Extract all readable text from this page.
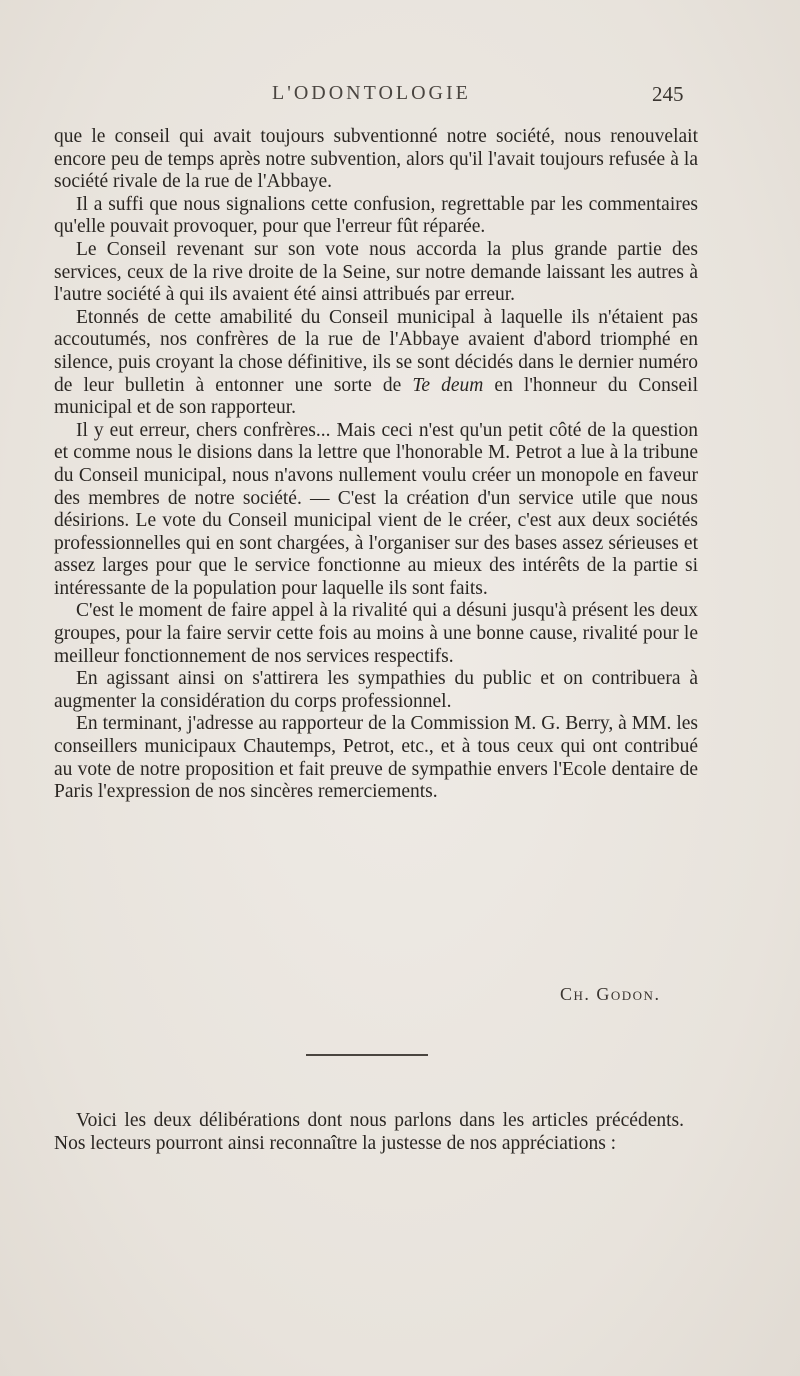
L'ODONTOLOGIE	245

que le conseil qui avait toujours subventionné notre société, nous renouvelait encore peu de temps après notre subvention, alors qu'il l'avait toujours refusée à la société rivale de la rue de l'Abbaye.

Il a suffi que nous signalions cette confusion, regrettable par les commentaires qu'elle pouvait provoquer, pour que l'erreur fût réparée.

Le Conseil revenant sur son vote nous accorda la plus grande partie des services, ceux de la rive droite de la Seine, sur notre demande laissant les autres à l'autre société à qui ils avaient été ainsi attribués par erreur.

Etonnés de cette amabilité du Conseil municipal à laquelle ils n'étaient pas accoutumés, nos confrères de la rue de l'Abbaye avaient d'abord triomphé en silence, puis croyant la chose définitive, ils se sont décidés dans le dernier numéro de leur bulletin à entonner une sorte de Te deum en l'honneur du Conseil municipal et de son rapporteur.

Il y eut erreur, chers confrères... Mais ceci n'est qu'un petit côté de la question et comme nous le disions dans la lettre que l'honorable M. Petrot a lue à la tribune du Conseil municipal, nous n'avons nullement voulu créer un monopole en faveur des membres de notre société. — C'est la création d'un service utile que nous désirions. Le vote du Conseil municipal vient de le créer, c'est aux deux sociétés professionnelles qui en sont chargées, à l'organiser sur des bases assez sérieuses et assez larges pour que le service fonctionne au mieux des intérêts de la partie si intéressante de la population pour laquelle ils sont faits.

C'est le moment de faire appel à la rivalité qui a désuni jusqu'à présent les deux groupes, pour la faire servir cette fois au moins à une bonne cause, rivalité pour le meilleur fonctionnement de nos services respectifs.

En agissant ainsi on s'attirera les sympathies du public et on contribuera à augmenter la considération du corps professionnel.

En terminant, j'adresse au rapporteur de la Commission M. G. Berry, à MM. les conseillers municipaux Chautemps, Petrot, etc., et à tous ceux qui ont contribué au vote de notre proposition et fait preuve de sympathie envers l'Ecole dentaire de Paris l'expression de nos sincères remerciements.

Ch. Godon.

Voici les deux délibérations dont nous parlons dans les articles précédents. Nos lecteurs pourront ainsi reconnaître la justesse de nos appréciations :
